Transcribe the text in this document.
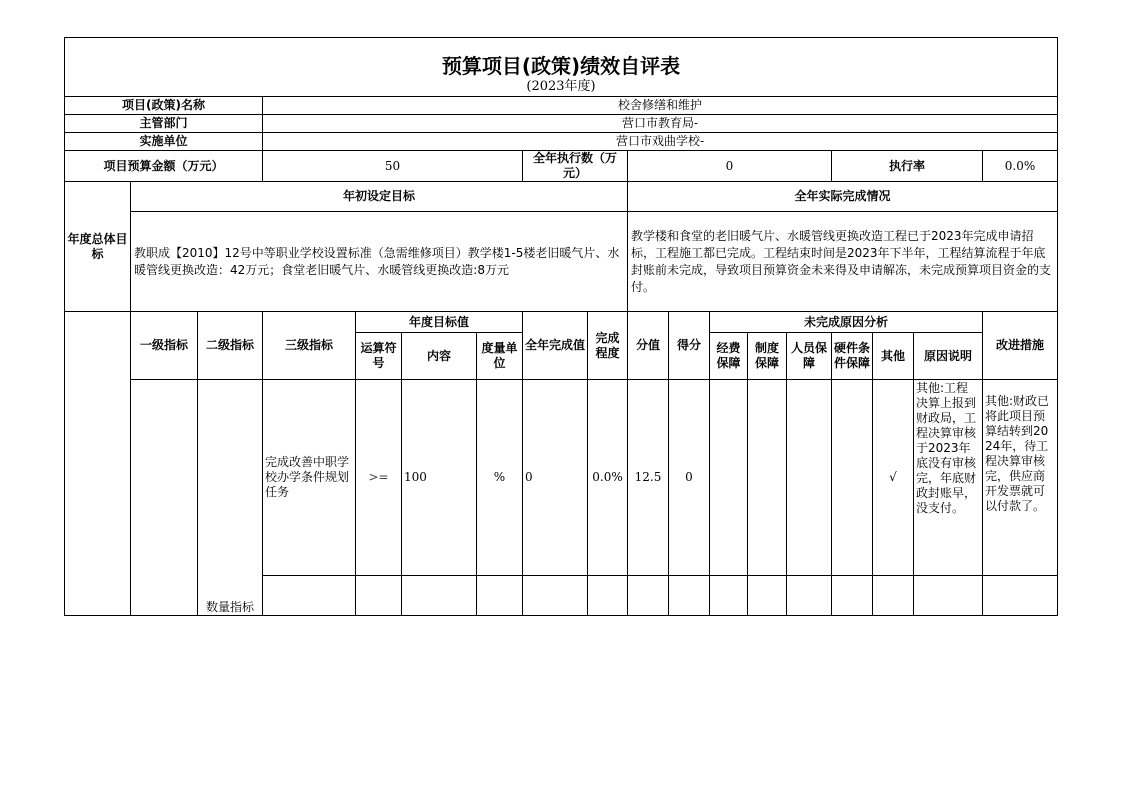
预算项目(政策)绩效自评表																	
(2023年度)																	
项目(政策)名称			校舍修缮和维护														
主管部门			营口市教育局-														
实施单位			营口市戏曲学校-														
项目预算金额（万元）			50				全年执行数（万元）		0					执行率			0.0%
年度总体目标	年初设定目标								全年实际完成情况								
	教职成【2010】12号中等职业学校设置标准（急需维修项目）教学楼1-5楼老旧暖气片、水暖管线更换改造：42万元；食堂老旧暖气片、水暖管线更换改造:8万元								教学楼和食堂的老旧暖气片、水暖管线更换改造工程已于2023年完成申请招标，工程施工都已完成。工程结束时间是2023年下半年，工程结算流程于年底封账前未完成，导致项目预算资金未来得及申请解冻，未完成预算项目资金的支付。								
	一级指标	二级指标	三级指标	年度目标值			全年完成值	完成程度	分值	得分	未完成原因分析						改进措施
				运算符号	内容	度量单位					经费保障	制度保障	人员保障	硬件条件保障	其他	原因说明	
		数量指标	完成改善中职学校办学条件规划任务	>=	100	%	0	0.0%	12.5	0					√	其他:工程决算上报到财政局，工程决算审核于2023年底没有审核完，年底财政封账早，没支付。	其他:财政已将此项目预算结转到2024年，待工程决算审核完，供应商开发票就可以付款了。
